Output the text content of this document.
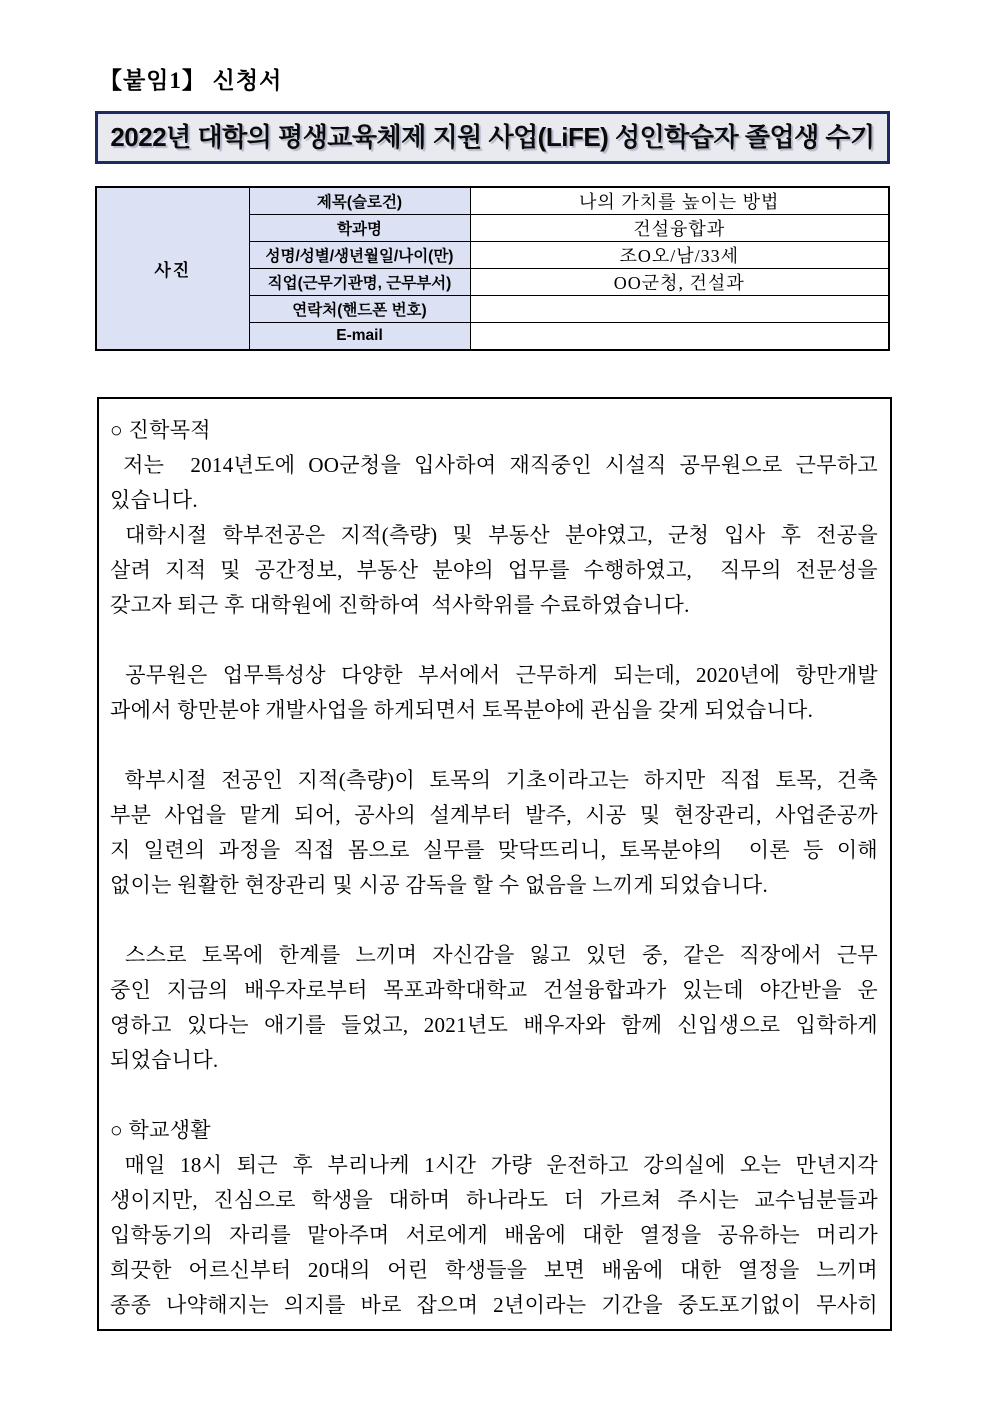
【붙임1】 신청서
2022년 대학의 평생교육체제 지원 사업(LiFE) 성인학습자 졸업생 수기
사진	제목(슬로건)	나의 가치를 높이는 방법
	학과명	건설융합과
	성명/성별/생년월일/나이(만)	조O오/남/33세
	직업(근무기관명, 근무부서)	OO군청, 건설과
	연락처(핸드폰 번호)	
	E-mail	
○ 진학목적
저는  2014년도에 OO군청을 입사하여 재직중인 시설직 공무원으로 근무하고
있습니다.
대학시절 학부전공은 지적(측량) 및 부동산 분야였고, 군청 입사 후 전공을
살려 지적 및 공간정보, 부동산 분야의 업무를 수행하였고,  직무의 전문성을
갖고자 퇴근 후 대학원에 진학하여  석사학위를 수료하였습니다.
공무원은 업무특성상 다양한 부서에서 근무하게 되는데, 2020년에 항만개발
과에서 항만분야 개발사업을 하게되면서 토목분야에 관심을 갖게 되었습니다.
학부시절 전공인 지적(측량)이 토목의 기초이라고는 하지만 직접 토목, 건축
부분 사업을 맡게 되어, 공사의 설계부터 발주, 시공 및 현장관리, 사업준공까
지 일련의 과정을 직접 몸으로 실무를 맞닥뜨리니, 토목분야의  이론 등 이해
없이는 원활한 현장관리 및 시공 감독을 할 수 없음을 느끼게 되었습니다.
스스로 토목에 한계를 느끼며 자신감을 잃고 있던 중, 같은 직장에서 근무
중인 지금의 배우자로부터 목포과학대학교 건설융합과가 있는데 야간반을 운
영하고 있다는 애기를 들었고, 2021년도 배우자와 함께 신입생으로 입학하게
되었습니다.
○ 학교생활
매일 18시 퇴근 후 부리나케 1시간 가량 운전하고 강의실에 오는 만년지각
생이지만, 진심으로 학생을 대하며 하나라도 더 가르쳐 주시는 교수님분들과
입학동기의 자리를 맡아주며 서로에게 배움에 대한 열정을 공유하는 머리가
희끗한 어르신부터 20대의 어린 학생들을 보면 배움에 대한 열정을 느끼며
종종 나약해지는 의지를 바로 잡으며 2년이라는 기간을 중도포기없이 무사히
